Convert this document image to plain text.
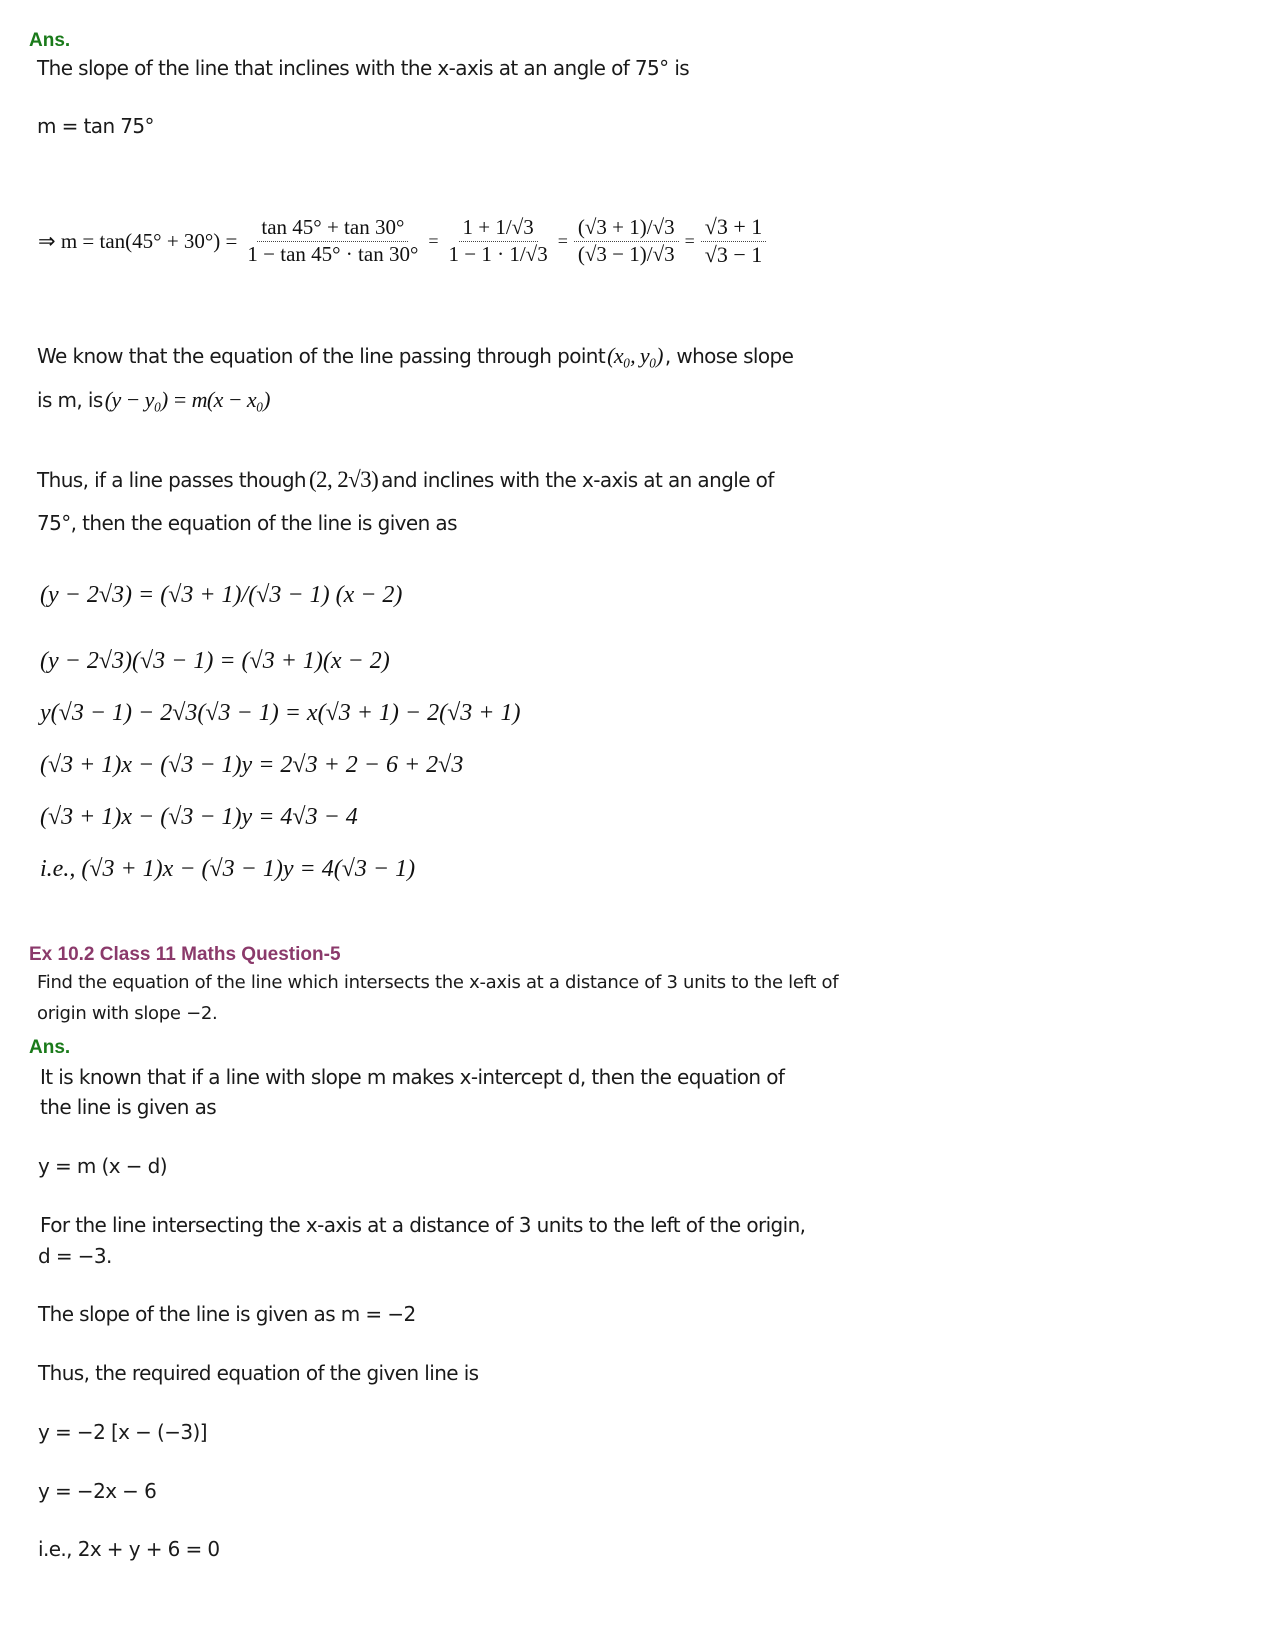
Ans.
The slope of the line that inclines with the x-axis at an angle of 75° is
m = tan 75°
⇒ $m = \tan(45^\circ + 30^\circ) = \frac{\tan 45^\circ + \tan 30^\circ}{1 - \tan 45^\circ \cdot \tan 30^\circ} = \frac{1 + 1/√3}{1 - 1 \cdot 1/√3} = \frac{(√3 + 1)/√3}{(√3 - 1)/√3} = \frac{√3 + 1}{√3 - 1}$
We know that the equation of the line passing through point (x₀, y₀) , whose slope
is m, is (y − y₀) = m(x − x₀)
Thus, if a line passes though (2, 2√3) and inclines with the x-axis at an angle of
75°, then the equation of the line is given as
(y − 2√3) = (√3 + 1)/(√3 − 1) (x − 2)
(y − 2√3)(√3 − 1) = (√3 + 1)(x − 2)
y(√3 − 1) − 2√3(√3 − 1) = x(√3 + 1) − 2(√3 + 1)
(√3 + 1)x − (√3 − 1)y = 2√3 + 2 − 6 + 2√3
(√3 + 1)x − (√3 − 1)y = 4√3 − 4
i.e., (√3 + 1)x − (√3 − 1)y = 4(√3 − 1)
Ex 10.2 Class 11 Maths Question-5
Find the equation of the line which intersects the x-axis at a distance of 3 units to the left of
origin with slope −2.
Ans.
It is known that if a line with slope m makes x-intercept d, then the equation of
the line is given as
y = m (x − d)
For the line intersecting the x-axis at a distance of 3 units to the left of the origin,
d = −3.
The slope of the line is given as m = −2
Thus, the required equation of the given line is
y = −2 [x − (−3)]
y = −2x − 6
i.e., 2x + y + 6 = 0
